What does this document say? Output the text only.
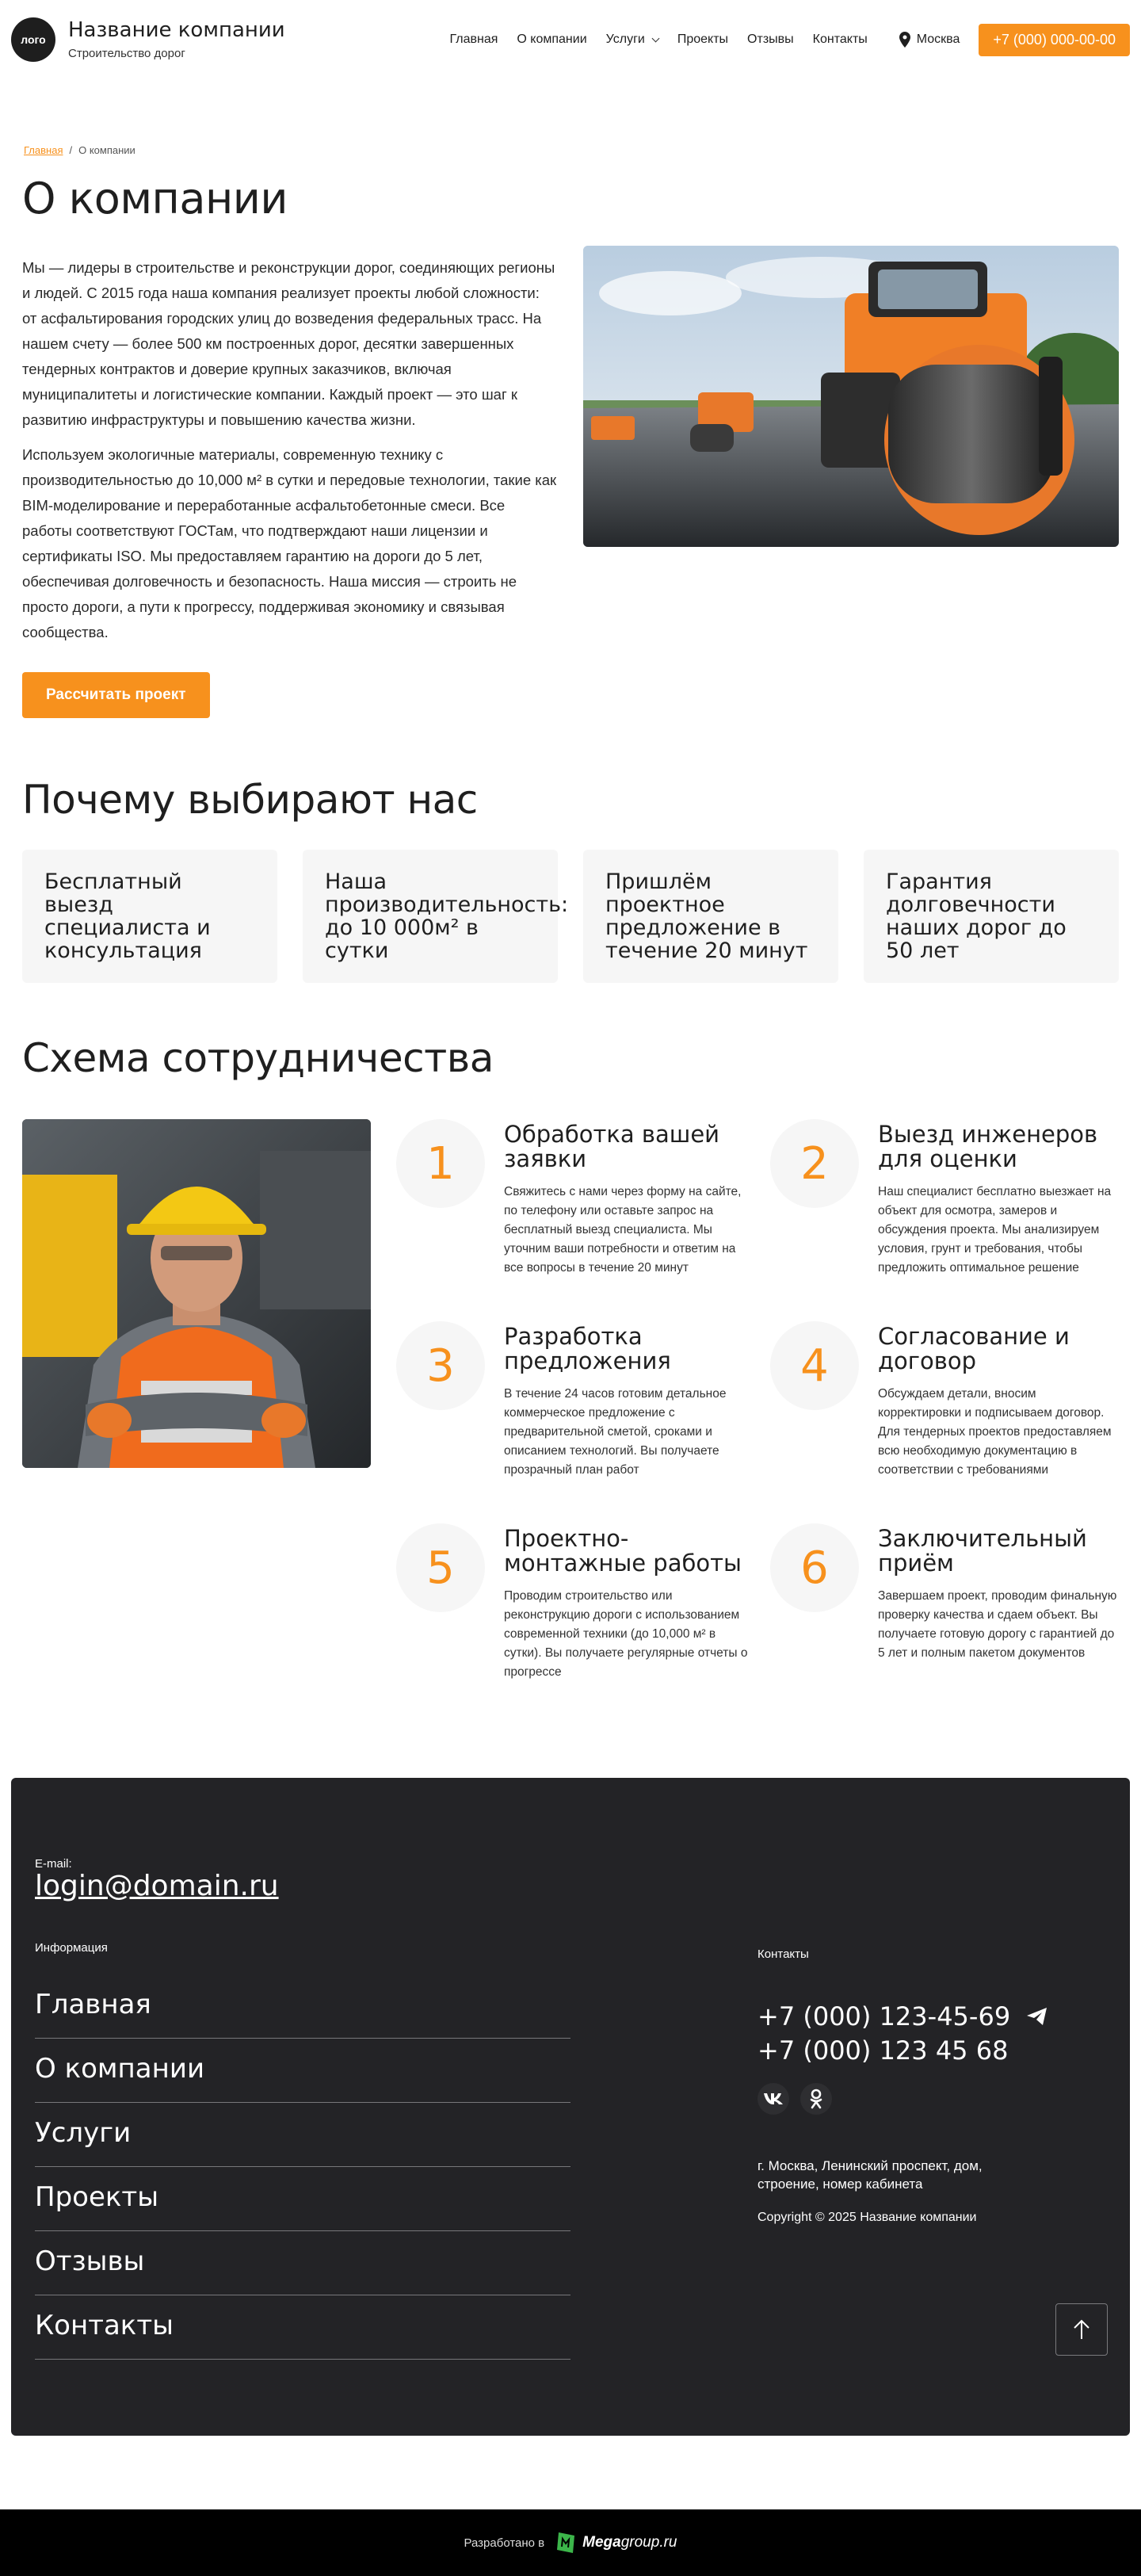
лого	Название компании
Строительство дорог
Главная О компании Услуги	Проекты Отзывы Контакты	Москва	+7 (000) 000-00-00
Главная / О компании
О компании

Мы — лидеры в строительстве и реконструкции дорог, соединяющих регионы и людей. С 2015 года наша компания реализует проекты любой сложности: от асфальтирования городских улиц до возведения федеральных трасс. На нашем счету — более 500 км построенных дорог, десятки завершенных тендерных контрактов и доверие крупных заказчиков, включая муниципалитеты и логистические компании. Каждый проект — это шаг к развитию инфраструктуры и повышению качества жизни.

Используем экологичные материалы, современную технику с производительностью до 10,000 м² в сутки и передовые технологии, такие как BIM-моделирование и переработанные асфальтобетонные смеси. Все работы соответствуют ГОСТам, что подтверждают наши лицензии и сертификаты ISO. Мы предоставляем гарантию на дороги до 5 лет, обеспечивая долговечность и безопасность. Наша миссия — строить не просто дороги, а пути к прогрессу, поддерживая экономику и связывая сообщества.

Рассчитать проект
Почему выбирают нас
Бесплатный выезд специалиста и консультация
Наша производительность: до 10 000м² в сутки
Пришлём проектное предложение в течение 20 минут
Гарантия долговечности наших дорог до 50 лет
Схема сотрудничества
1
Обработка вашей заявки
Свяжитесь с нами через форму на сайте, по телефону или оставьте запрос на бесплатный выезд специалиста. Мы уточним ваши потребности и ответим на все вопросы в течение 20 минут
2
Выезд инженеров для оценки
Наш специалист бесплатно выезжает на объект для осмотра, замеров и обсуждения проекта. Мы анализируем условия, грунт и требования, чтобы предложить оптимальное решение
3
Разработка предложения
В течение 24 часов готовим детальное коммерческое предложение с предварительной сметой, сроками и описанием технологий. Вы получаете прозрачный план работ
4
Согласование и договор
Обсуждаем детали, вносим корректировки и подписываем договор. Для тендерных проектов предоставляем всю необходимую документацию в соответствии с требованиями
5
Проектно-монтажные работы
Проводим строительство или реконструкцию дороги с использованием современной техники (до 10,000 м² в сутки). Вы получаете регулярные отчеты о прогрессе
6
Заключительный приём
Завершаем проект, проводим финальную проверку качества и сдаем объект. Вы получаете готовую дорогу с гарантией до 5 лет и полным пакетом документов
E-mail:
login@domain.ru
Информация
Главная
О компании
Услуги
Проекты
Отзывы
Контакты
Контакты
+7 (000) 123-45-69
+7 (000) 123 45 68
г. Москва, Ленинский проспект, дом, строение, номер кабинета
Copyright © 2025 Название компании
Разработано в	Megagroup.ru
